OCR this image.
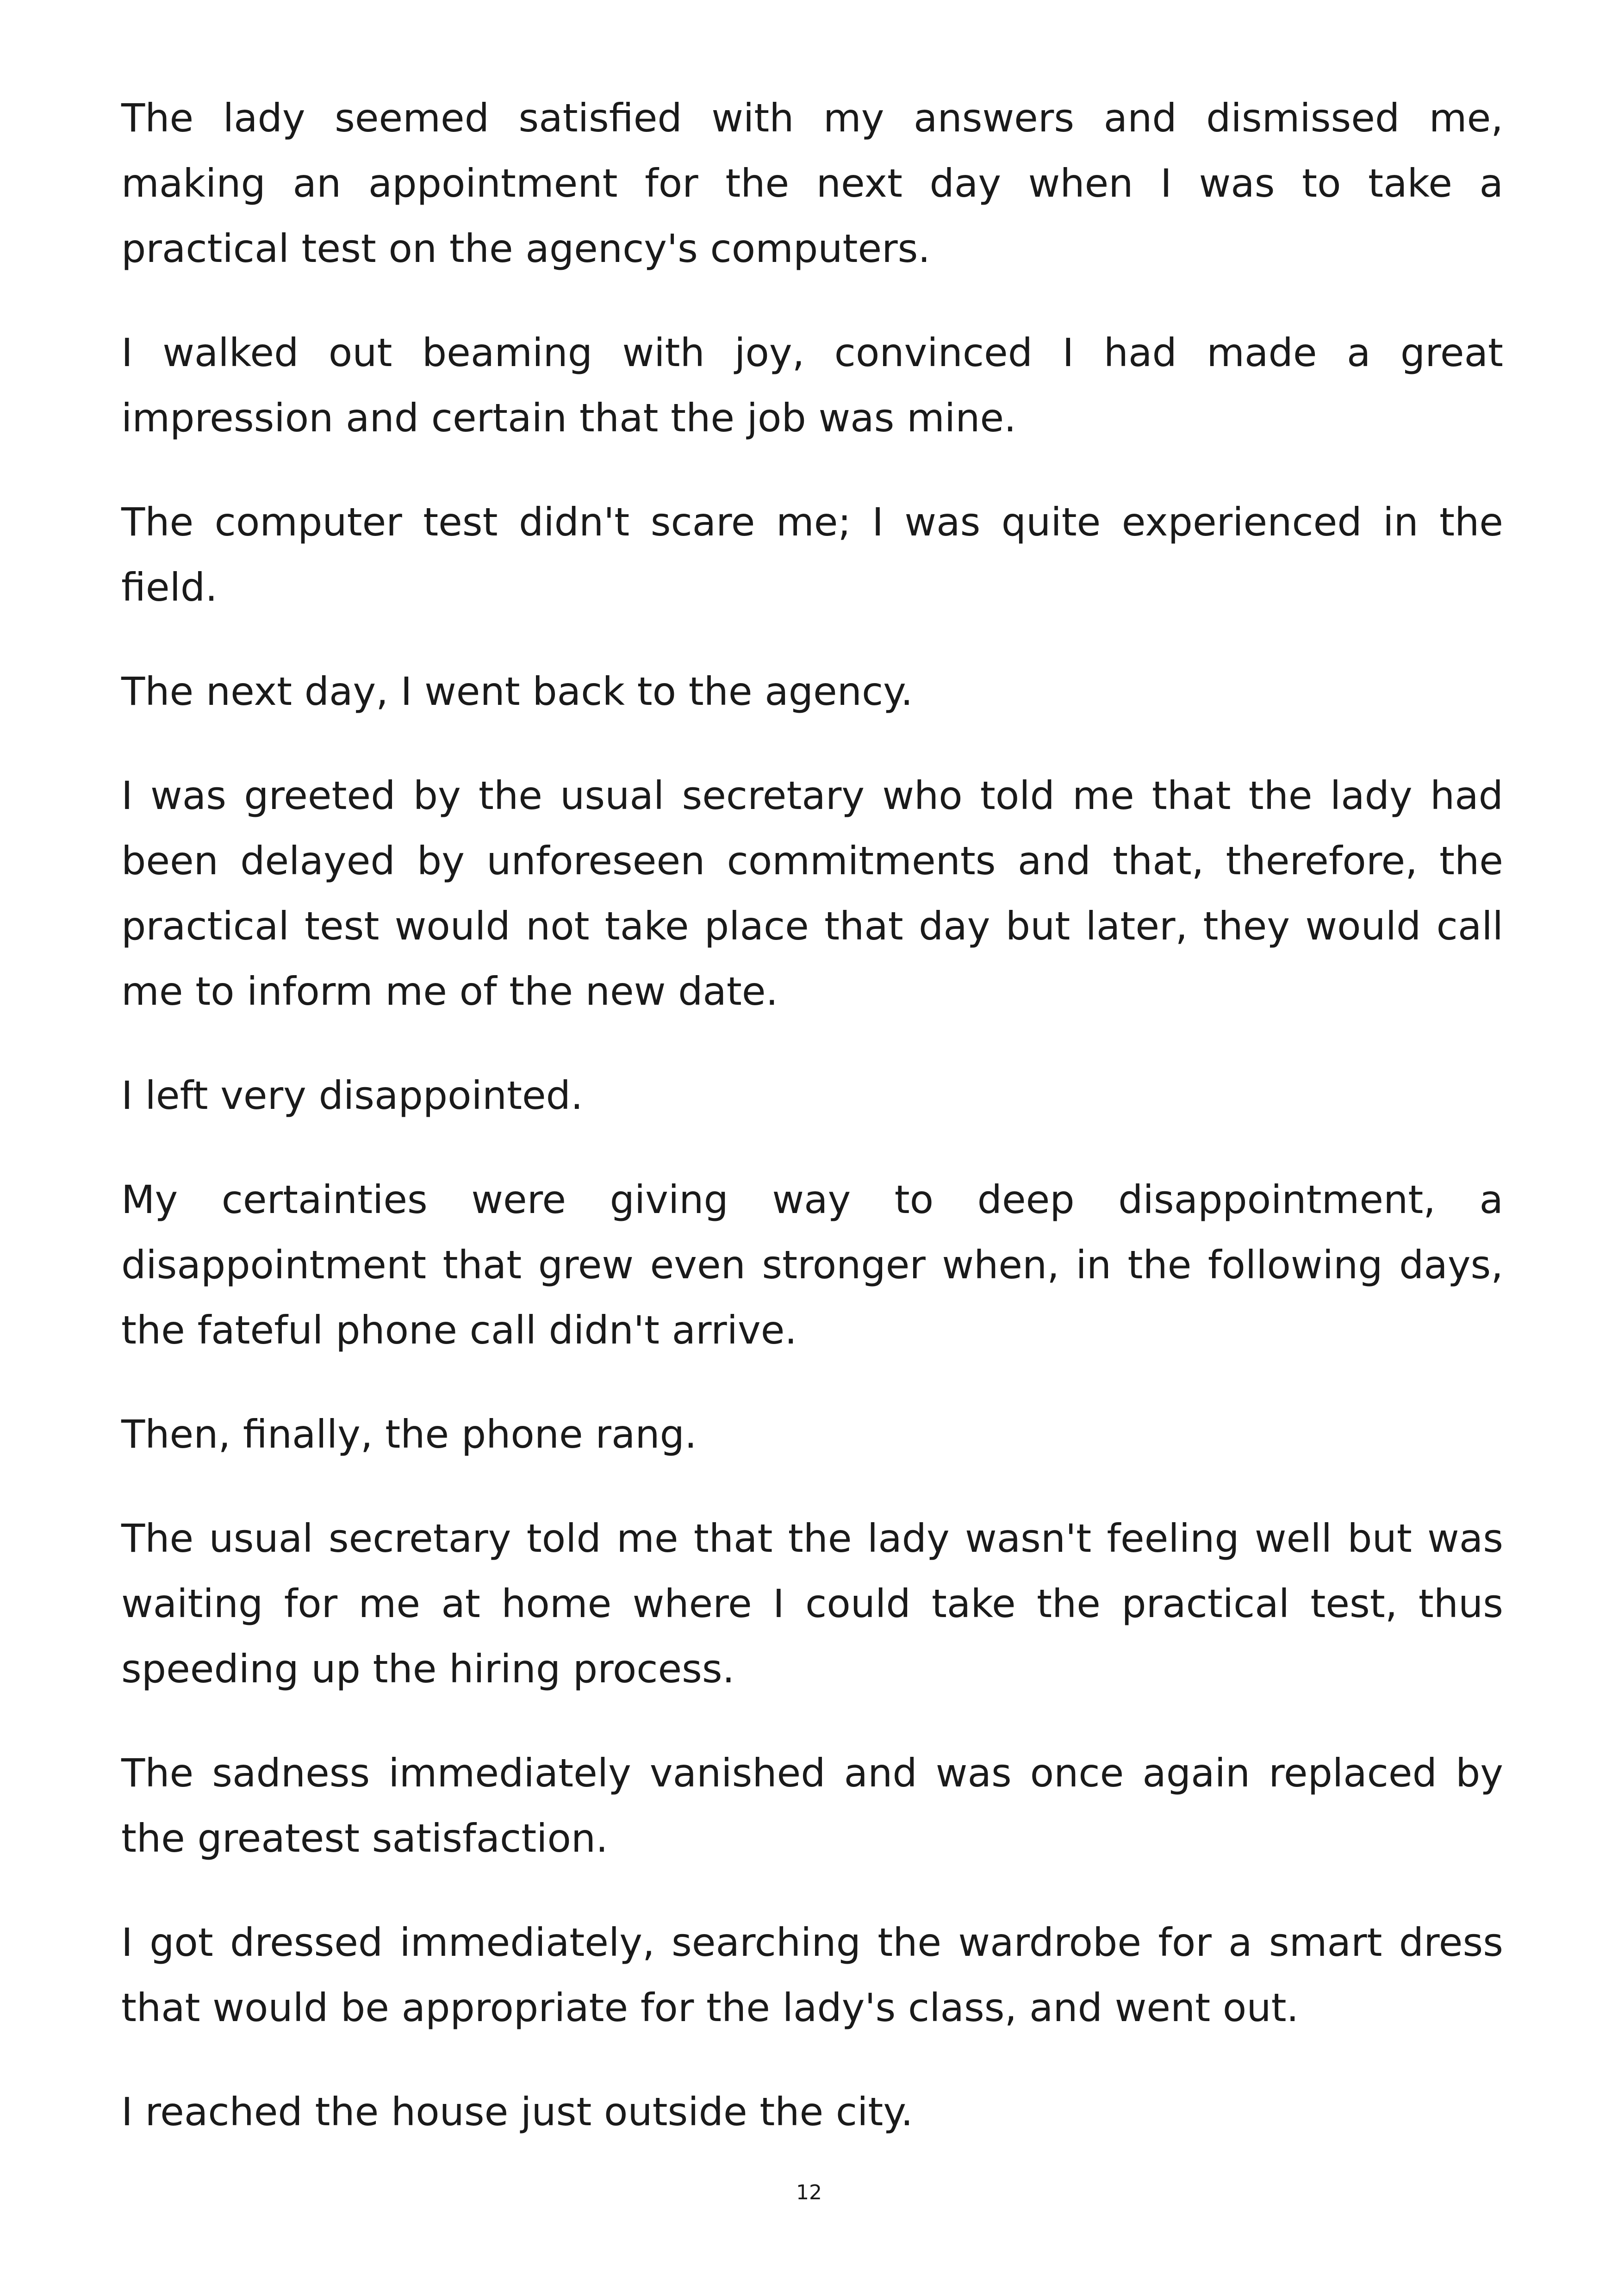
The lady seemed satisfied with my answers and dismissed me, making an appointment for the next day when I was to take a practical test on the agency's computers.

I walked out beaming with joy, convinced I had made a great impression and certain that the job was mine.

The computer test didn't scare me; I was quite experienced in the field.

The next day, I went back to the agency.

I was greeted by the usual secretary who told me that the lady had been delayed by unforeseen commitments and that, therefore, the practical test would not take place that day but later, they would call me to inform me of the new date.

I left very disappointed.

My certainties were giving way to deep disappointment, a disappointment that grew even stronger when, in the following days, the fateful phone call didn't arrive.

Then, finally, the phone rang.

The usual secretary told me that the lady wasn't feeling well but was waiting for me at home where I could take the practical test, thus speeding up the hiring process.

The sadness immediately vanished and was once again replaced by the greatest satisfaction.

I got dressed immediately, searching the wardrobe for a smart dress that would be appropriate for the lady's class, and went out.

I reached the house just outside the city.

12
